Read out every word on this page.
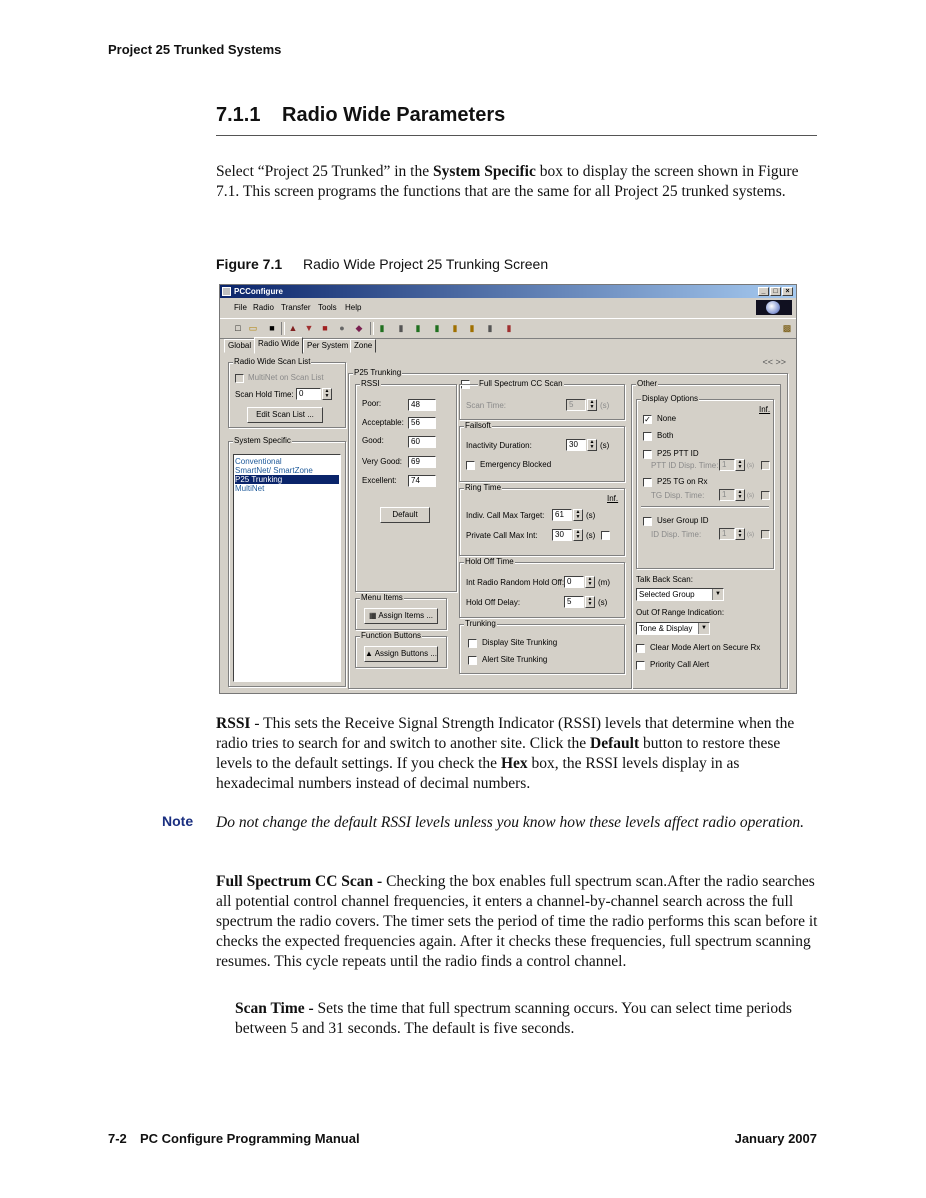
Project 25 Trunked Systems
7.1.1 Radio Wide Parameters
Select “Project 25 Trunked” in the System Specific box to display the screen shown in Figure 7.1. This screen programs the functions that are the same for all Project 25 trunked systems.
Figure 7.1 Radio Wide Project 25 Trunking Screen
PCConfigure	_	□	×
File Radio Transfer Tools Help
□ ▭ ■ ▲ ▼ ■ ● ◆ ▮ ▮ ▮ ▮ ▮ ▮ ▮ ▮	▩
Global Radio Wide Per System Zone
<< >>
Radio Wide Scan List
MultiNet on Scan List
Scan Hold Time: 0	▲
▼
Edit Scan List ...
System Specific
Conventional
SmartNet/ SmartZone
P25 Trunking
MultiNet
P25 Trunking
RSSI
Poor:	48
Acceptable: 56
Good:	60
Very Good:	69
Excellent:	74
Default
Menu Items
▦ Assign Items ...
Function Buttons
▲ Assign Buttons ...
Full Spectrum CC Scan
Scan Time:	5	▲
▼ (s)
Failsoft
Inactivity Duration:	30	▲
▼ (s)
Emergency Blocked
Ring Time
Inf.
Indiv. Call Max Target:	61	▲
▼ (s)
Private Call Max Int:	30	▲
▼ (s)
Hold Off Time
Int Radio Random Hold Off: 0	▲
▼ (m)
Hold Off Delay:	5	▲
▼ (s)
Trunking
Display Site Trunking
Alert Site Trunking
Other
Display Options
Inf.
✓ None
Both
P25 PTT ID
PTT ID Disp. Time: 1	▲
▼ (s)
P25 TG on Rx
TG Disp. Time:	1	▲
▼ (s)
User Group ID
ID Disp. Time:	1	▲
▼ (s)
Talk Back Scan:
Selected Group	▼
Out Of Range Indication:
Tone & Display	▼
Clear Mode Alert on Secure Rx
Priority Call Alert
RSSI - This sets the Receive Signal Strength Indicator (RSSI) levels that determine when the radio tries to search for and switch to another site. Click the Default button to restore these levels to the default settings. If you check the Hex box, the RSSI levels display in as hexadecimal numbers instead of decimal numbers.
Note Do not change the default RSSI levels unless you know how these levels affect radio operation.
Full Spectrum CC Scan - Checking the box enables full spectrum scan.After the radio searches all potential control channel frequencies, it enters a channel-by-channel search across the full spectrum the radio covers. The timer sets the period of time the radio performs this scan before it checks the expected frequencies again. After it checks these frequencies, full spectrum scanning resumes. This cycle repeats until the radio finds a control channel.
Scan Time - Sets the time that full spectrum scanning occurs. You can select time periods between 5 and 31 seconds. The default is five seconds.
7-2 PC Configure Programming Manual	January 2007
